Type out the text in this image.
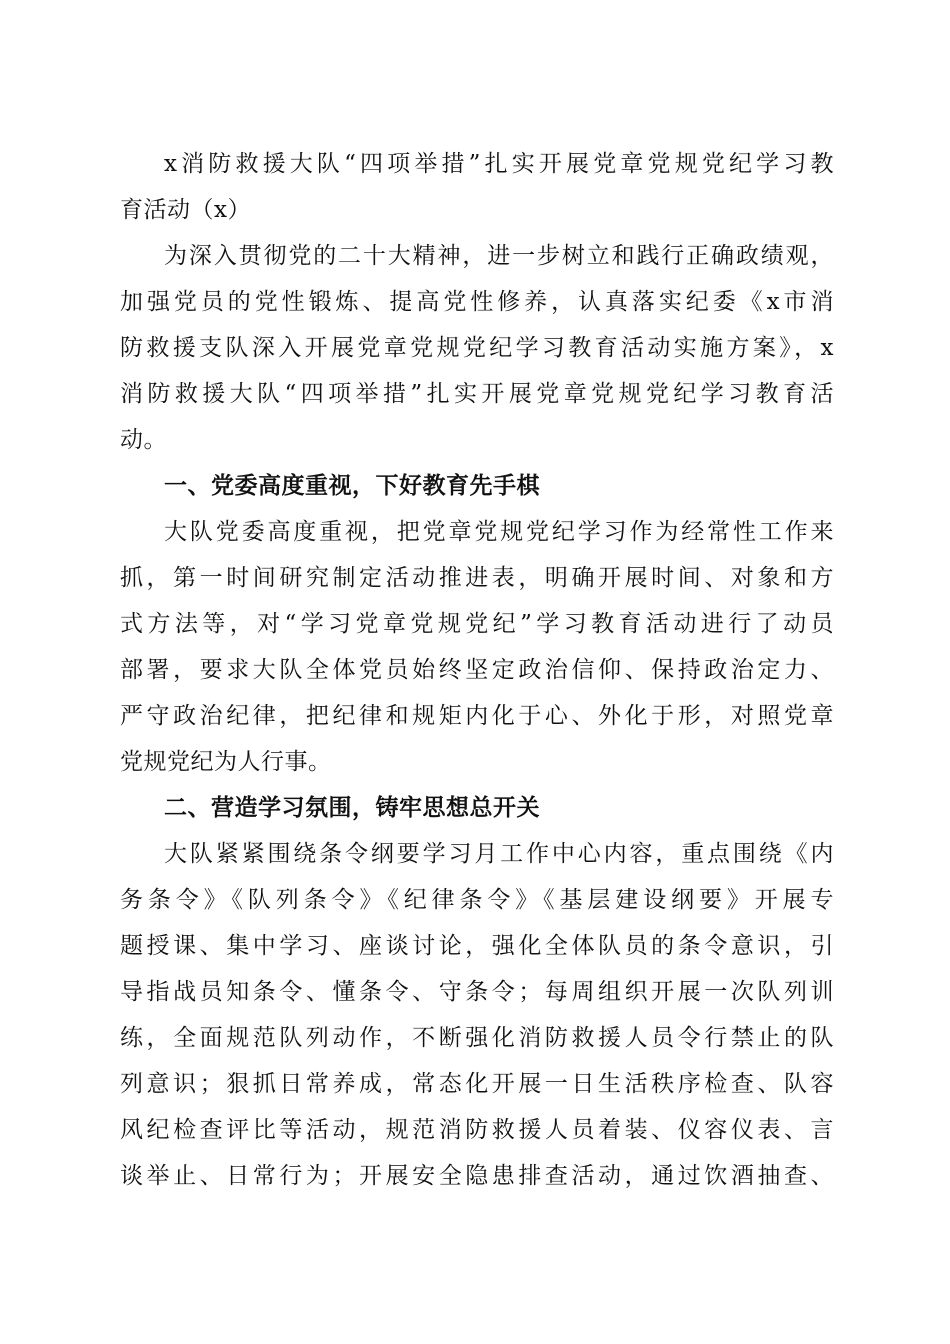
x消防救援大队“四项举措”扎实开展党章党规党纪学习教
育活动（x）
为深入贯彻党的二十大精神，进一步树立和践行正确政绩观，
加强党员的党性锻炼、提高党性修养，认真落实纪委《x市消
防救援支队深入开展党章党规党纪学习教育活动实施方案》，x
消防救援大队“四项举措”扎实开展党章党规党纪学习教育活
动。
一、党委高度重视，下好教育先手棋
大队党委高度重视，把党章党规党纪学习作为经常性工作来
抓，第一时间研究制定活动推进表，明确开展时间、对象和方
式方法等，对“学习党章党规党纪”学习教育活动进行了动员
部署，要求大队全体党员始终坚定政治信仰、保持政治定力、
严守政治纪律，把纪律和规矩内化于心、外化于形，对照党章
党规党纪为人行事。
二、营造学习氛围，铸牢思想总开关
大队紧紧围绕条令纲要学习月工作中心内容，重点围绕《内
务条令》《队列条令》《纪律条令》《基层建设纲要》开展专
题授课、集中学习、座谈讨论，强化全体队员的条令意识，引
导指战员知条令、懂条令、守条令；每周组织开展一次队列训
练，全面规范队列动作，不断强化消防救援人员令行禁止的队
列意识；狠抓日常养成，常态化开展一日生活秩序检查、队容
风纪检查评比等活动，规范消防救援人员着装、仪容仪表、言
谈举止、日常行为；开展安全隐患排查活动，通过饮酒抽查、
